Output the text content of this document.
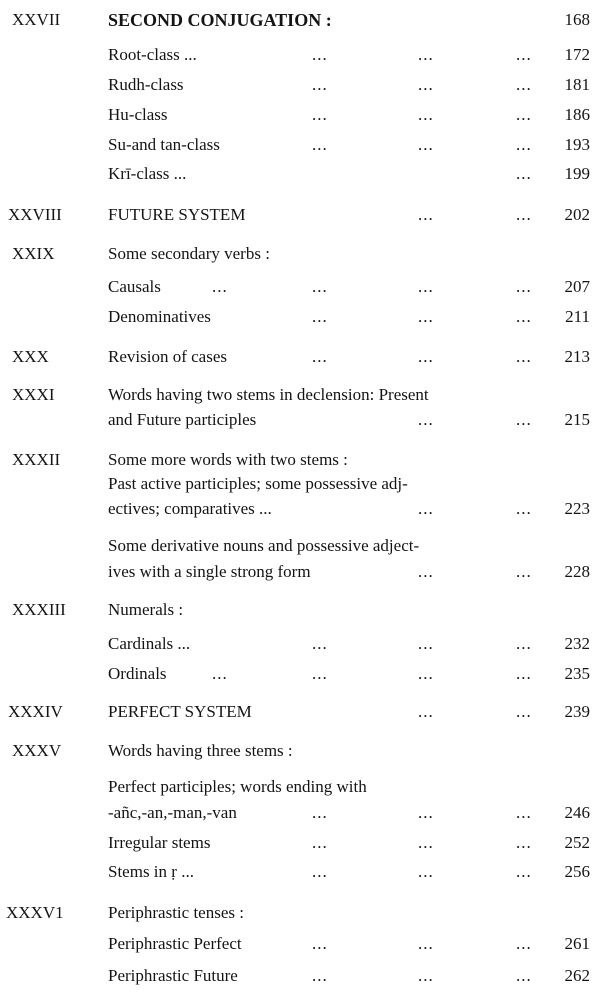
XXVII	SECOND CONJUGATION :	168
Root-class ...	...	...	...	172
Rudh-class	...	...	...	181
Hu-class	...	...	...	186
Su-and tan-class	...	...	...	193
Krī-class ...	...	199
XXVIII	FUTURE SYSTEM	...	...	202
XXIX	Some secondary verbs :
Causals	...	...	...	...	207
Denominatives	...	...	...	211
XXX	Revision of cases	...	...	...	213
XXXI	Words having two stems in declension: Present
and Future participles	...	...	215
XXXII	Some more words with two stems :
Past active participles; some possessive adj-
ectives; comparatives ...	...	...	223
Some derivative nouns and possessive adject-
ives with a single strong form	...	...	228
XXXIII	Numerals :
Cardinals ...	...	...	...	232
Ordinals	...	...	...	...	235
XXXIV	PERFECT SYSTEM	...	...	239
XXXV	Words having three stems :
Perfect participles; words ending with
-añc,-an,-man,-van	...	...	...	246
Irregular stems	...	...	...	252
Stems in ṛ ...	...	...	...	256
XXXV1	Periphrastic tenses :
Periphrastic Perfect	...	...	...	261
Periphrastic Future	...	...	...	262
